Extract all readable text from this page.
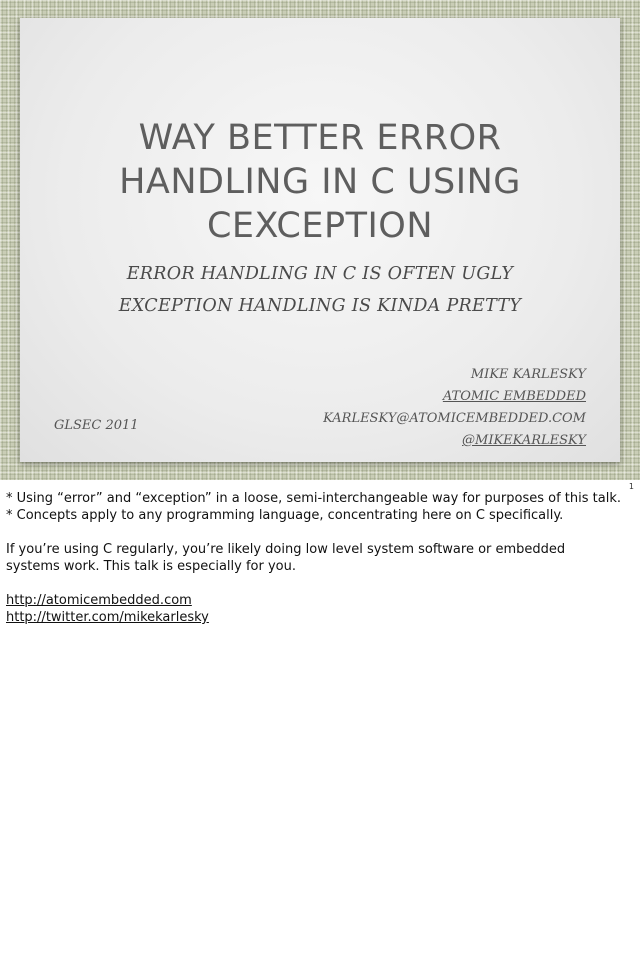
WAY BETTER ERROR
HANDLING IN C USING
CEXCEPTION
ERROR HANDLING IN C IS OFTEN UGLY
EXCEPTION HANDLING IS KINDA PRETTY
MIKE KARLESKY
ATOMIC EMBEDDED
KARLESKY@ATOMICEMBEDDED.COM
@MIKEKARLESKY
GLSEC 2011
1

* Using “error” and “exception” in a loose, semi-interchangeable way for purposes of this talk.

* Concepts apply to any programming language, concentrating here on C specifically.

If you’re using C regularly, you’re likely doing low level system software or embedded

systems work. This talk is especially for you.

http://atomicembedded.com

http://twitter.com/mikekarlesky
